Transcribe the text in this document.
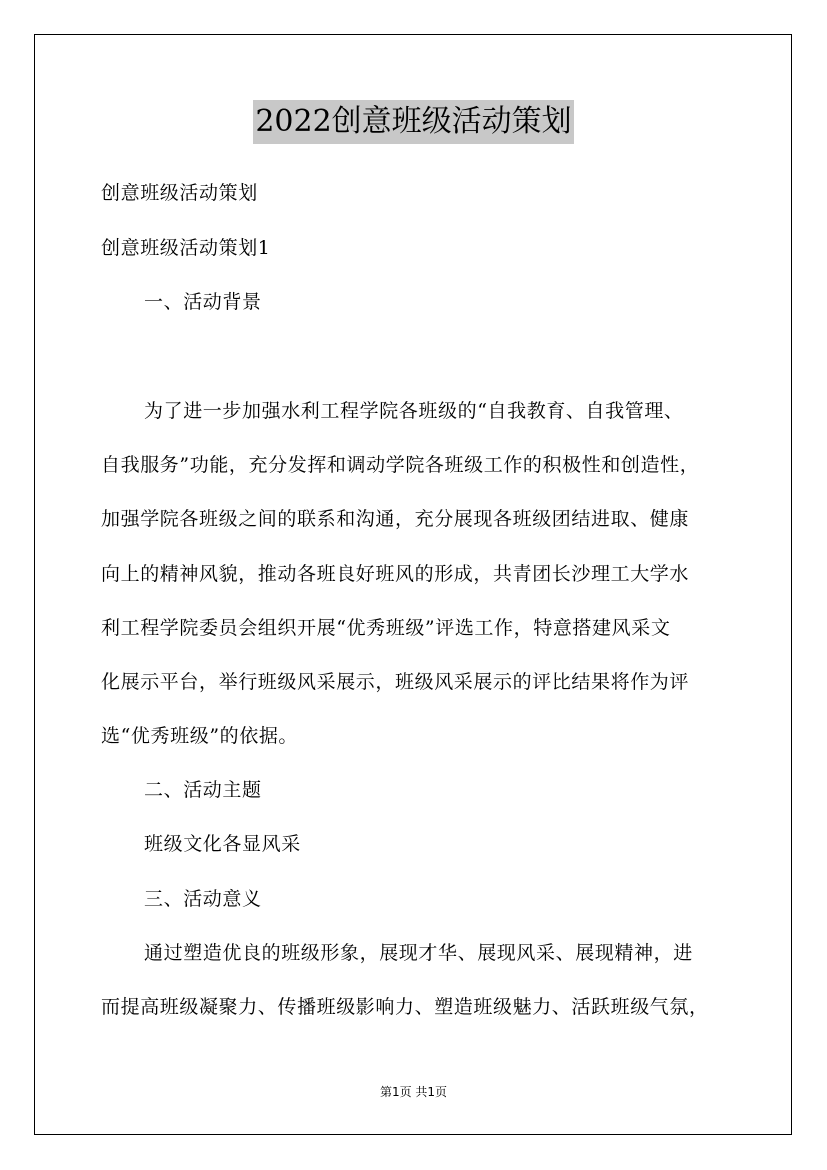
2022创意班级活动策划
创意班级活动策划
创意班级活动策划1
一、活动背景
为了进一步加强水利工程学院各班级的“自我教育、自我管理、
自我服务”功能，充分发挥和调动学院各班级工作的积极性和创造性，
加强学院各班级之间的联系和沟通，充分展现各班级团结进取、健康
向上的精神风貌，推动各班良好班风的形成，共青团长沙理工大学水
利工程学院委员会组织开展“优秀班级”评选工作，特意搭建风采文
化展示平台，举行班级风采展示，班级风采展示的评比结果将作为评
选“优秀班级”的依据。
二、活动主题
班级文化各显风采
三、活动意义
通过塑造优良的班级形象，展现才华、展现风采、展现精神，进
而提高班级凝聚力、传播班级影响力、塑造班级魅力、活跃班级气氛，
第1页 共1页
